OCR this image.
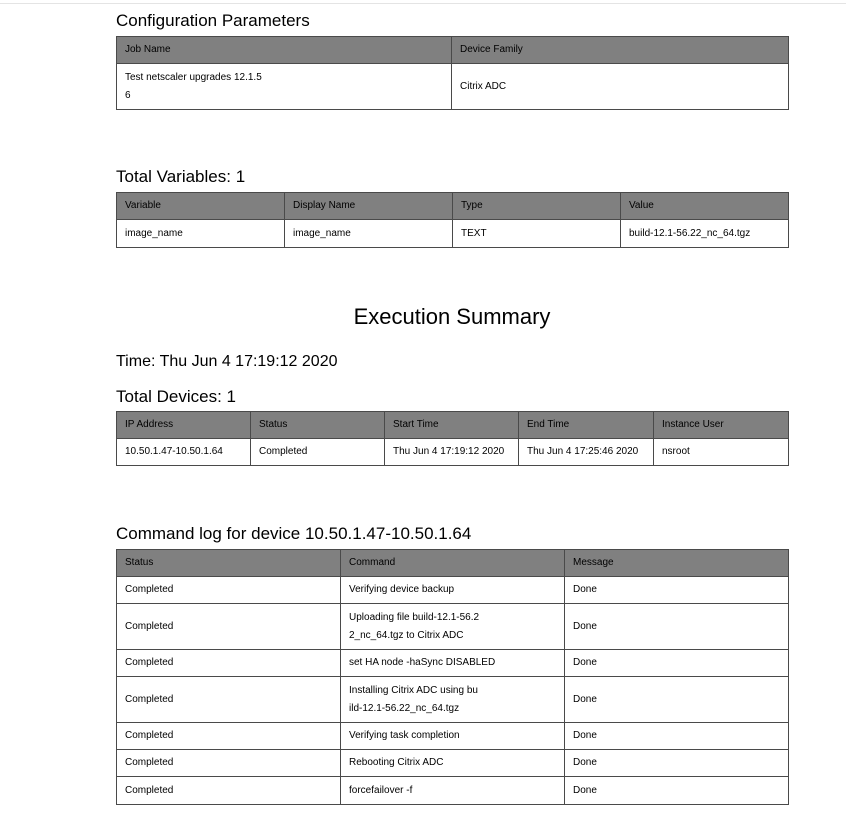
Configuration Parameters
Job Name	Device Family

Test netscaler upgrades 12.1.5
6	Citrix ADC
Total Variables: 1
Variable	Display Name	Type	Value
image_name	image_name	TEXT	build-12.1-56.22_nc_64.tgz
Execution Summary
Time: Thu Jun 4 17:19:12 2020
Total Devices: 1
IP Address	Status	Start Time	End Time	Instance User
10.50.1.47-10.50.1.64	Completed	Thu Jun 4 17:19:12 2020	Thu Jun 4 17:25:46 2020	nsroot
Command log for device 10.50.1.47-10.50.1.64
Status	Command	Message
Completed	Verifying device backup	Done
Completed	Uploading file build-12.1-56.2
2_nc_64.tgz to Citrix ADC	Done
Completed	set HA node -haSync DISABLED	Done
Completed	Installing Citrix ADC using bu
ild-12.1-56.22_nc_64.tgz	Done
Completed	Verifying task completion	Done
Completed	Rebooting Citrix ADC	Done
Completed	forcefailover -f	Done
